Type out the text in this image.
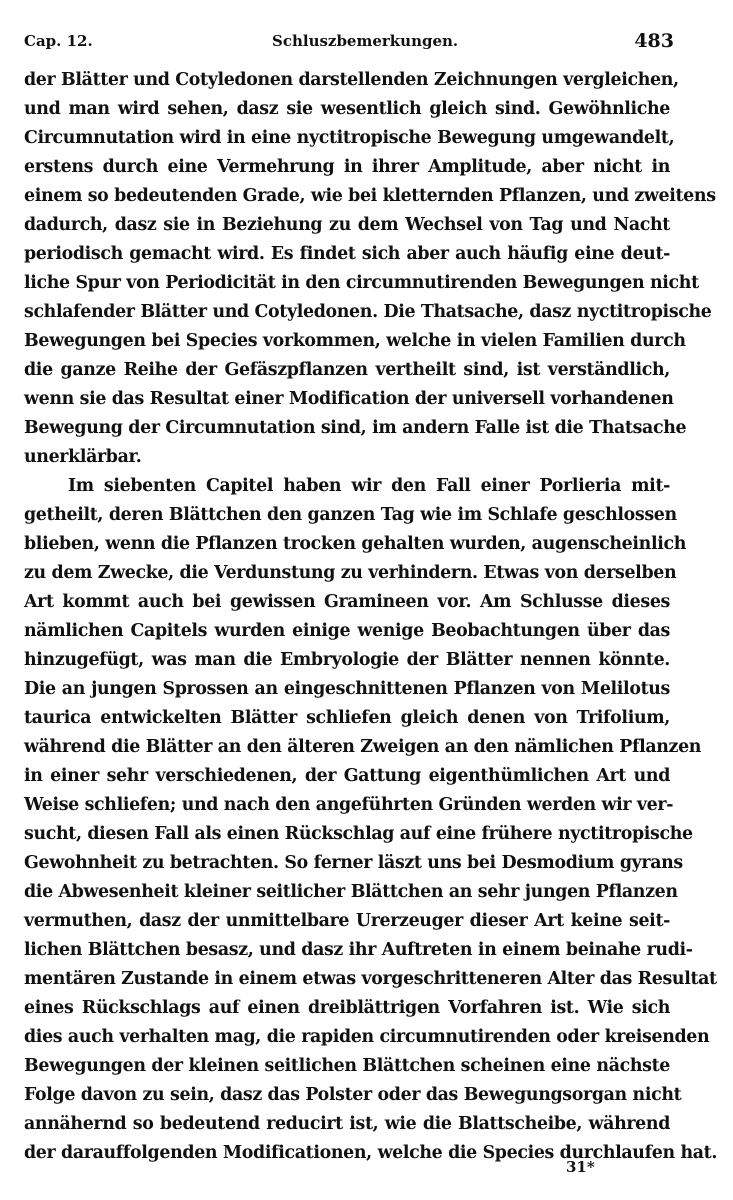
Cap. 12.	Schluszbemerkungen.	483
der Blätter und Cotyledonen darstellenden Zeichnungen vergleichen,
und man wird sehen, dasz sie wesentlich gleich sind. Gewöhnliche
Circumnutation wird in eine nyctitropische Bewegung umgewandelt,
erstens durch eine Vermehrung in ihrer Amplitude, aber nicht in
einem so bedeutenden Grade, wie bei kletternden Pflanzen, und zweitens
dadurch, dasz sie in Beziehung zu dem Wechsel von Tag und Nacht
periodisch gemacht wird. Es findet sich aber auch häufig eine deut-
liche Spur von Periodicität in den circumnutirenden Bewegungen nicht
schlafender Blätter und Cotyledonen. Die Thatsache, dasz nyctitropische
Bewegungen bei Species vorkommen, welche in vielen Familien durch
die ganze Reihe der Gefäszpflanzen vertheilt sind, ist verständlich,
wenn sie das Resultat einer Modification der universell vorhandenen
Bewegung der Circumnutation sind, im andern Falle ist die Thatsache
unerklärbar.
Im siebenten Capitel haben wir den Fall einer Porlieria mit-
getheilt, deren Blättchen den ganzen Tag wie im Schlafe geschlossen
blieben, wenn die Pflanzen trocken gehalten wurden, augenscheinlich
zu dem Zwecke, die Verdunstung zu verhindern. Etwas von derselben
Art kommt auch bei gewissen Gramineen vor. Am Schlusse dieses
nämlichen Capitels wurden einige wenige Beobachtungen über das
hinzugefügt, was man die Embryologie der Blätter nennen könnte.
Die an jungen Sprossen an eingeschnittenen Pflanzen von Melilotus
taurica entwickelten Blätter schliefen gleich denen von Trifolium,
während die Blätter an den älteren Zweigen an den nämlichen Pflanzen
in einer sehr verschiedenen, der Gattung eigenthümlichen Art und
Weise schliefen; und nach den angeführten Gründen werden wir ver-
sucht, diesen Fall als einen Rückschlag auf eine frühere nyctitropische
Gewohnheit zu betrachten. So ferner läszt uns bei Desmodium gyrans
die Abwesenheit kleiner seitlicher Blättchen an sehr jungen Pflanzen
vermuthen, dasz der unmittelbare Urerzeuger dieser Art keine seit-
lichen Blättchen besasz, und dasz ihr Auftreten in einem beinahe rudi-
mentären Zustande in einem etwas vorgeschritteneren Alter das Resultat
eines Rückschlags auf einen dreiblättrigen Vorfahren ist. Wie sich
dies auch verhalten mag, die rapiden circumnutirenden oder kreisenden
Bewegungen der kleinen seitlichen Blättchen scheinen eine nächste
Folge davon zu sein, dasz das Polster oder das Bewegungsorgan nicht
annähernd so bedeutend reducirt ist, wie die Blattscheibe, während
der darauffolgenden Modificationen, welche die Species durchlaufen hat.
31*
